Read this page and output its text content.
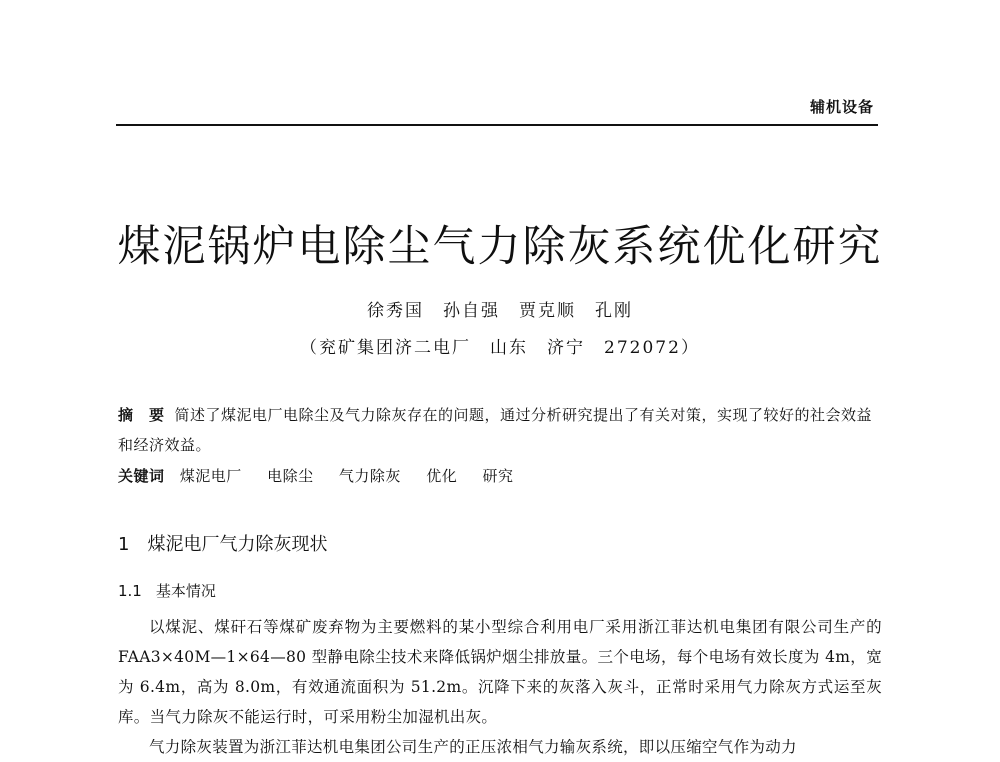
辅机设备
煤泥锅炉电除尘气力除灰系统优化研究
徐秀国　孙自强　贾克顺　孔刚
（兖矿集团济二电厂　山东　济宁　272072）
摘　要 简述了煤泥电厂电除尘及气力除灰存在的问题，通过分析研究提出了有关对策，实现了较好的社会效益和经济效益。
关键词 煤泥电厂 电除尘 气力除灰 优化 研究
1 煤泥电厂气力除灰现状
1.1 基本情况

以煤泥、煤矸石等煤矿废弃物为主要燃料的某小型综合利用电厂采用浙江菲达机电集团有限公司生产的 FAA3×40M—1×64—80 型静电除尘技术来降低锅炉烟尘排放量。三个电场，每个电场有效长度为 4m，宽为 6.4m，高为 8.0m，有效通流面积为 51.2m。沉降下来的灰落入灰斗，正常时采用气力除灰方式运至灰库。当气力除灰不能运行时，可采用粉尘加湿机出灰。

气力除灰装置为浙江菲达机电集团公司生产的正压浓相气力输灰系统，即以压缩空气作为动力
